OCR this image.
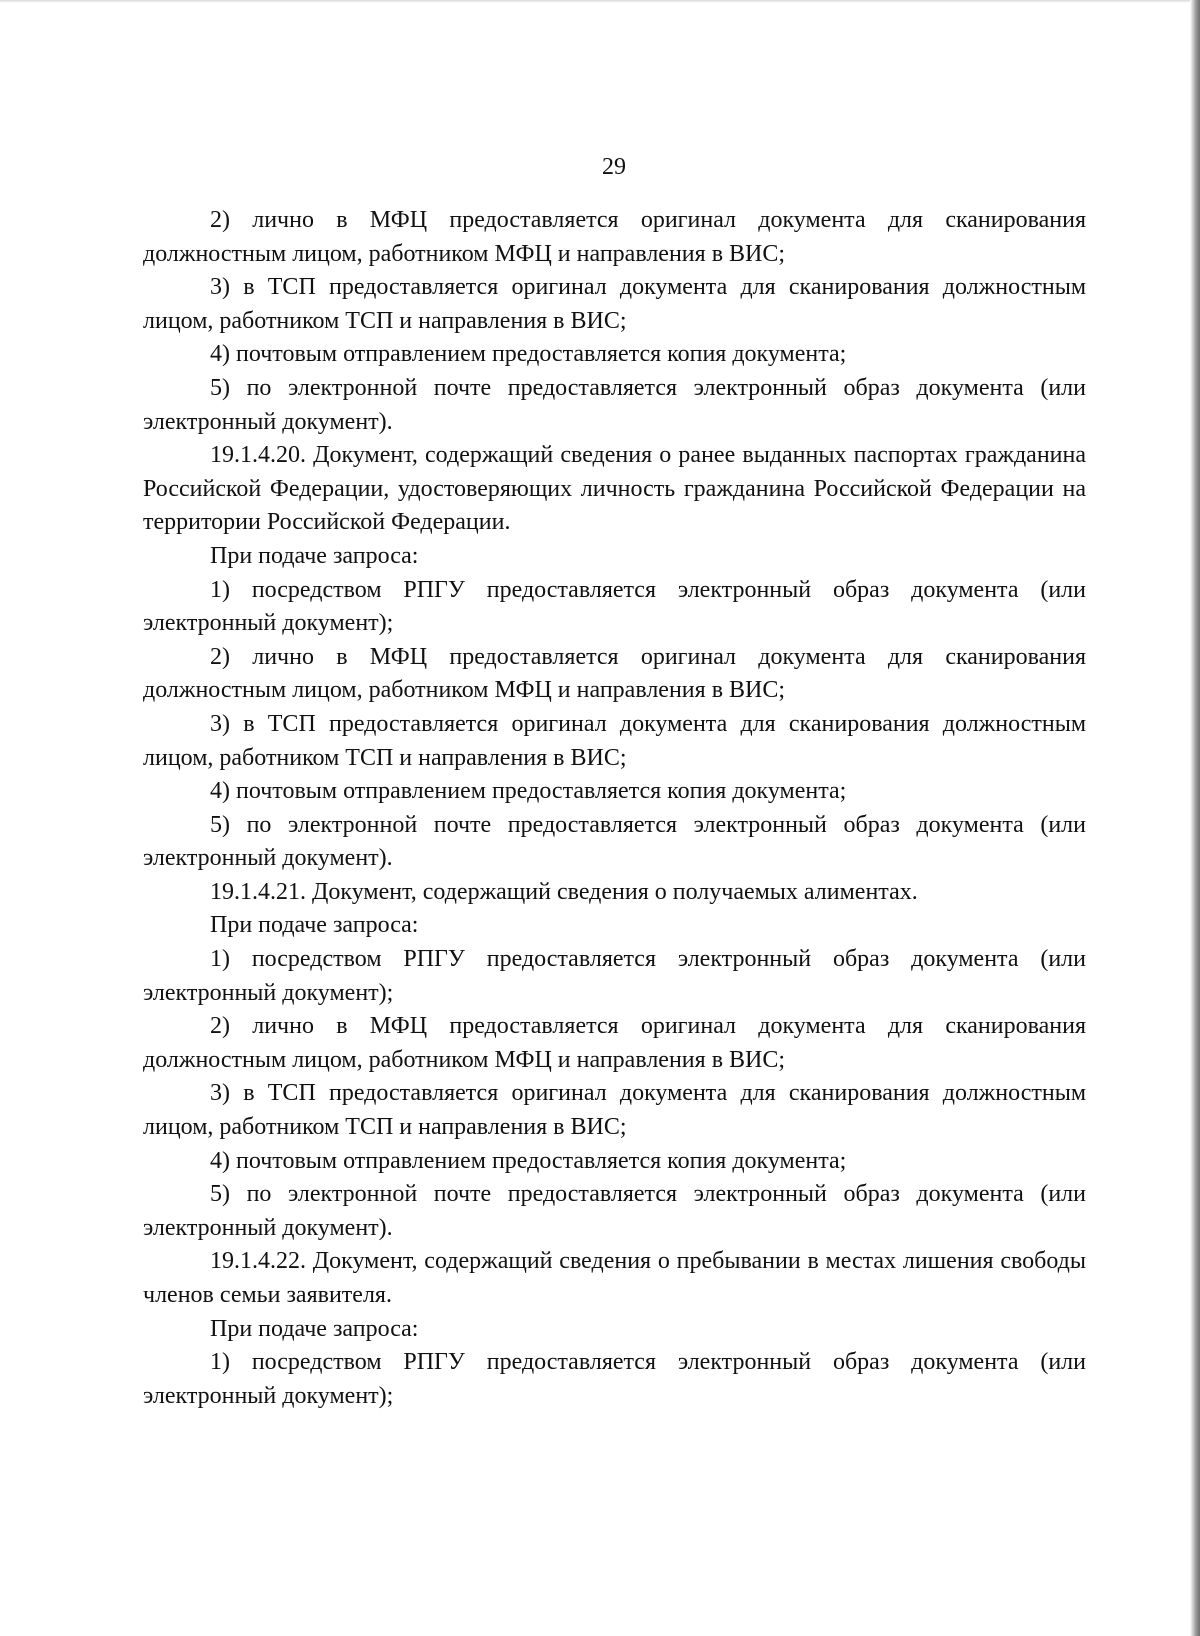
29

2) лично в МФЦ предоставляется оригинал документа для сканирования должностным лицом, работником МФЦ и направления в ВИС;

3) в ТСП предоставляется оригинал документа для сканирования должностным лицом, работником ТСП и направления в ВИС;

4) почтовым отправлением предоставляется копия документа;

5) по электронной почте предоставляется электронный образ документа (или электронный документ).

19.1.4.20. Документ, содержащий сведения о ранее выданных паспортах гражданина Российской Федерации, удостоверяющих личность гражданина Российской Федерации на территории Российской Федерации.

При подаче запроса:

1) посредством РПГУ предоставляется электронный образ документа (или электронный документ);

2) лично в МФЦ предоставляется оригинал документа для сканирования должностным лицом, работником МФЦ и направления в ВИС;

3) в ТСП предоставляется оригинал документа для сканирования должностным лицом, работником ТСП и направления в ВИС;

4) почтовым отправлением предоставляется копия документа;

5) по электронной почте предоставляется электронный образ документа (или электронный документ).

19.1.4.21. Документ, содержащий сведения о получаемых алиментах.

При подаче запроса:

1) посредством РПГУ предоставляется электронный образ документа (или электронный документ);

2) лично в МФЦ предоставляется оригинал документа для сканирования должностным лицом, работником МФЦ и направления в ВИС;

3) в ТСП предоставляется оригинал документа для сканирования должностным лицом, работником ТСП и направления в ВИС;

4) почтовым отправлением предоставляется копия документа;

5) по электронной почте предоставляется электронный образ документа (или электронный документ).

19.1.4.22. Документ, содержащий сведения о пребывании в местах лишения свободы членов семьи заявителя.

При подаче запроса:

1) посредством РПГУ предоставляется электронный образ документа (или электронный документ);
